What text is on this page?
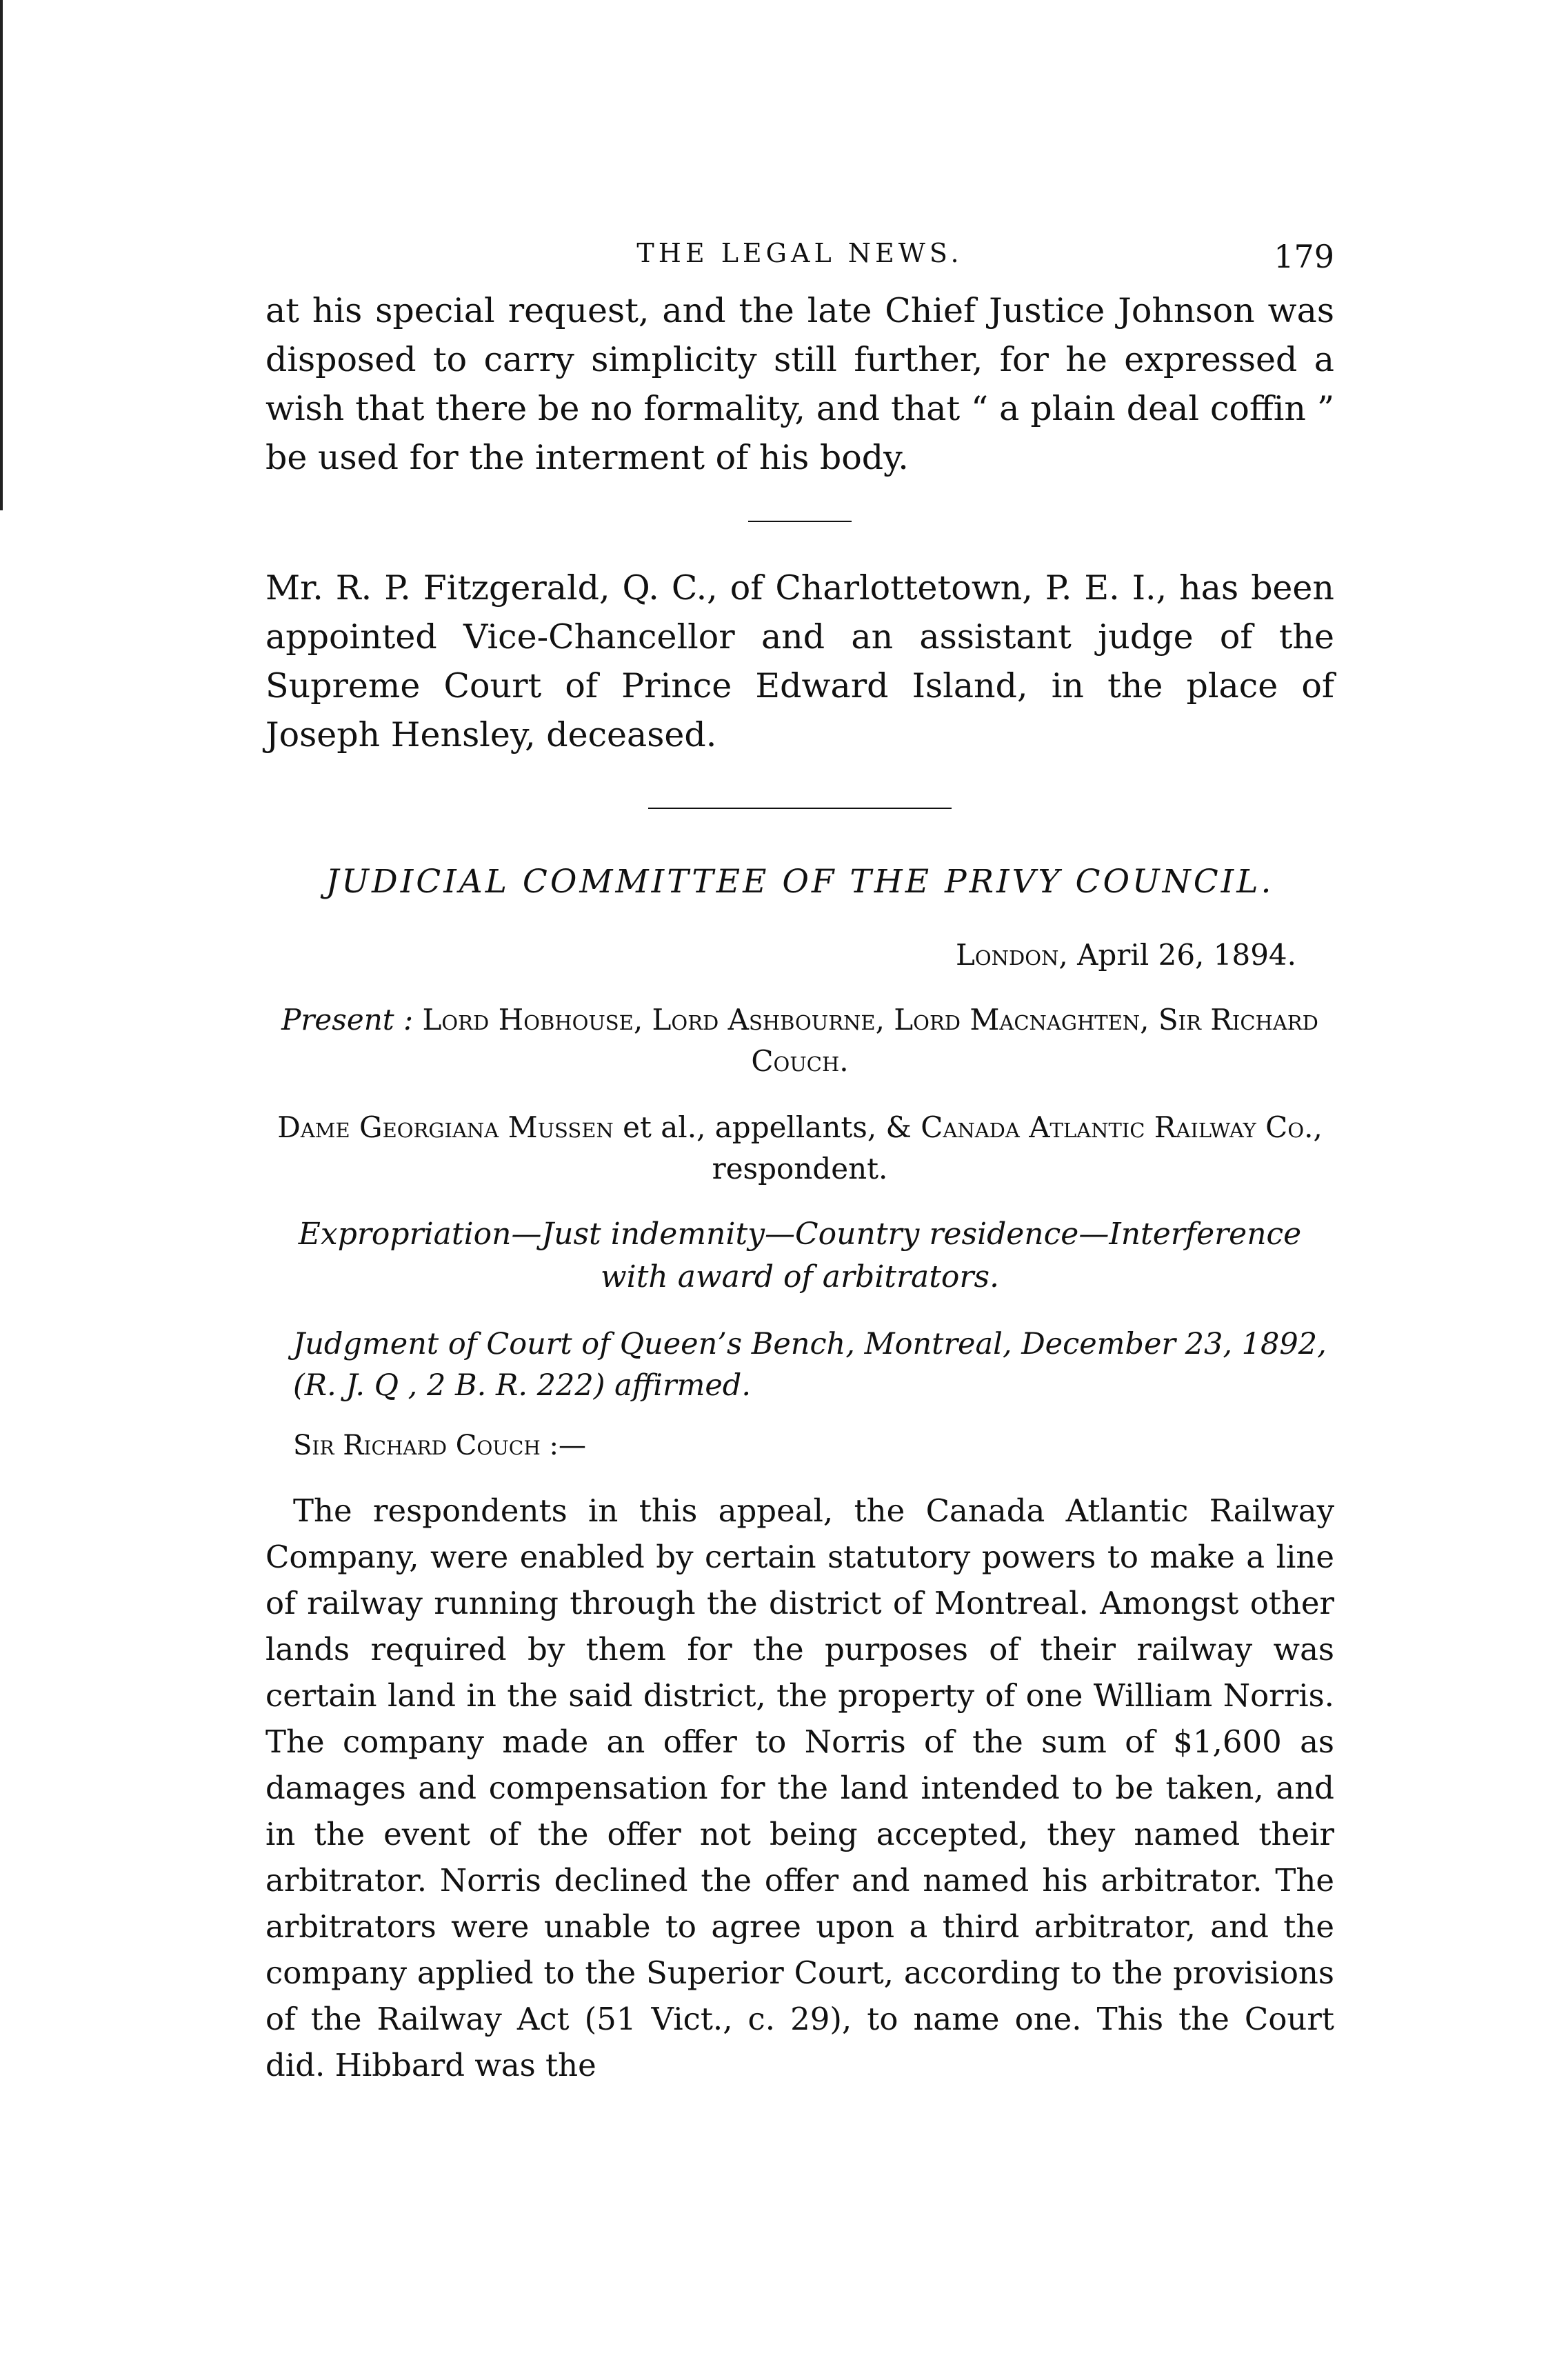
THE LEGAL NEWS.	179

at his special request, and the late Chief Justice Johnson was disposed to carry simplicity still further, for he expressed a wish that there be no formality, and that “ a plain deal coffin ” be used for the interment of his body.

Mr. R. P. Fitzgerald, Q. C., of Charlottetown, P. E. I., has been appointed Vice-Chancellor and an assistant judge of the Supreme Court of Prince Edward Island, in the place of Joseph Hensley, deceased.

JUDICIAL COMMITTEE OF THE PRIVY COUNCIL.
London, April 26, 1894.
Present : Lord Hobhouse, Lord Ashbourne, Lord Macnaghten, Sir Richard Couch.
Dame Georgiana Mussen et al., appellants, & Canada Atlantic Railway Co., respondent.
Expropriation—Just indemnity—Country residence—Interference with award of arbitrators.
Judgment of Court of Queen’s Bench, Montreal, December 23, 1892, (R. J. Q , 2 B. R. 222) affirmed.
Sir Richard Couch :—

The respondents in this appeal, the Canada Atlantic Railway Company, were enabled by certain statutory powers to make a line of railway running through the district of Montreal. Amongst other lands required by them for the purposes of their railway was certain land in the said district, the property of one William Norris. The company made an offer to Norris of the sum of $1,600 as damages and compensation for the land intended to be taken, and in the event of the offer not being accepted, they named their arbitrator. Norris declined the offer and named his arbitrator. The arbitrators were unable to agree upon a third arbitrator, and the company applied to the Superior Court, according to the provisions of the Railway Act (51 Vict., c. 29), to name one. This the Court did. Hibbard was the
